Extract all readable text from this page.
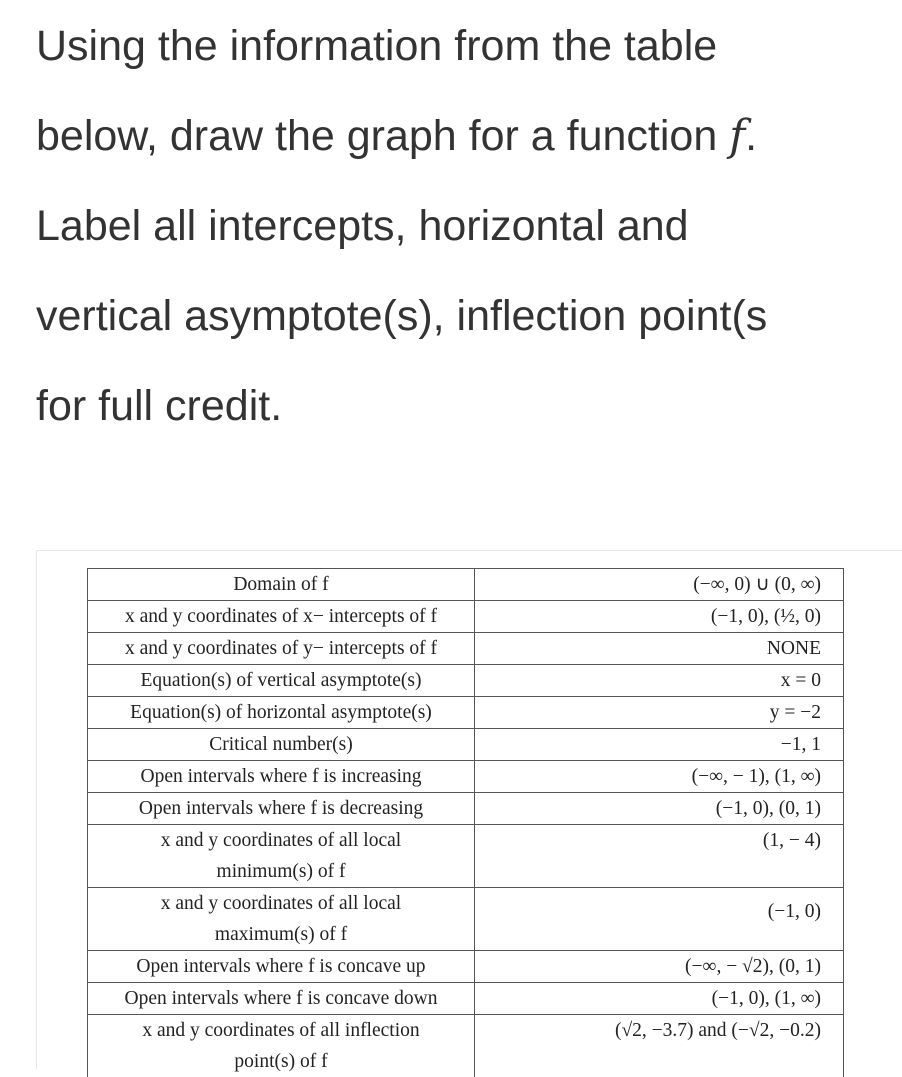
Using the information from the table
below, draw the graph for a function f.
Label all intercepts, horizontal and
vertical asymptote(s), inflection point(s
for full credit.
Domain of f	(−∞, 0) ∪ (0, ∞)
x and y coordinates of x− intercepts of f	(−1, 0), (½, 0)
x and y coordinates of y− intercepts of f	NONE
Equation(s) of vertical asymptote(s)	x = 0
Equation(s) of horizontal asymptote(s)	y = −2
Critical number(s)	−1, 1
Open intervals where f is increasing	(−∞, − 1), (1, ∞)
Open intervals where f is decreasing	(−1, 0), (0, 1)

x and y coordinates of all local
minimum(s) of f	(1, − 4)

x and y coordinates of all local
maximum(s) of f	(−1, 0)

Open intervals where f is concave up	(−∞, − √2), (0, 1)
Open intervals where f is concave down	(−1, 0), (1, ∞)

x and y coordinates of all inflection
point(s) of f	(√2, −3.7) and (−√2, −0.2)
